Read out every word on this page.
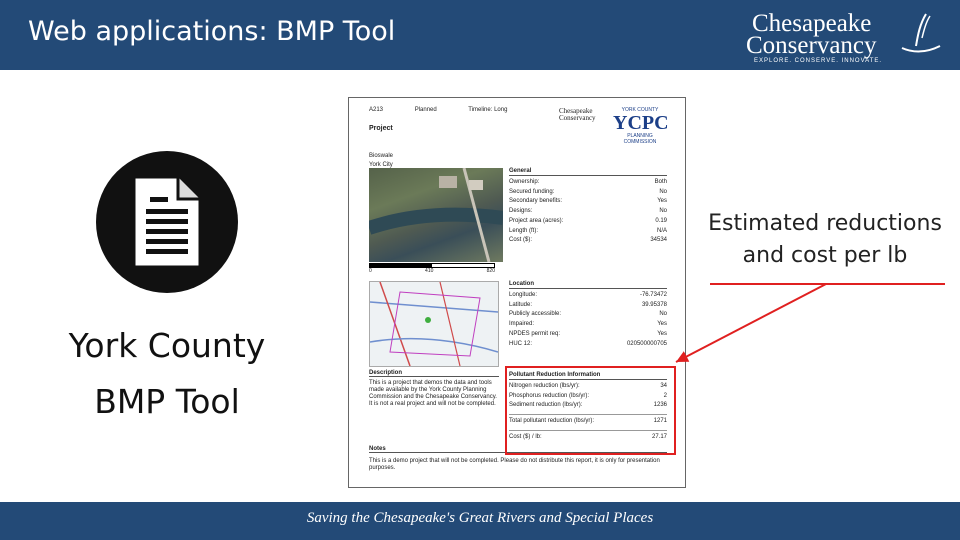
Web applications: BMP Tool	Chesapeake
Conservancy
EXPLORE. CONSERVE. INNOVATE.
York County
BMP Tool
A213	Planned	Timeline: Long	Chesapeake
Conservancy
YORK COUNTY
YCPC
PLANNING
COMMISSION
Project
Bioswale
York City
0	410	820
General
Ownership:	Both
Secured funding:	No
Secondary benefits:	Yes
Designs:	No
Project area (acres):	0.19
Length (ft):	N/A
Cost ($):	34534
Location
Longitude:	-76.73472
Latitude:	39.95378
Publicly accessible:	No
Impaired:	Yes
NPDES permit req:	Yes
HUC 12:	020500000705
Pollutant Reduction Information
Nitrogen reduction (lbs/yr):	34
Phosphorus reduction (lbs/yr):	2
Sediment reduction (lbs/yr):	1236
Total pollutant reduction (lbs/yr):	1271
Cost ($) / lb:	27.17
Description

This is a project that demos the data and tools made available by the York County Planning Commission and the Chesapeake Conservancy. It is not a real project and will not be completed.

Notes

This is a demo project that will not be completed. Please do not distribute this report, it is only for presentation purposes.

Estimated reductions
and cost per lb
Saving the Chesapeake's Great Rivers and Special Places
